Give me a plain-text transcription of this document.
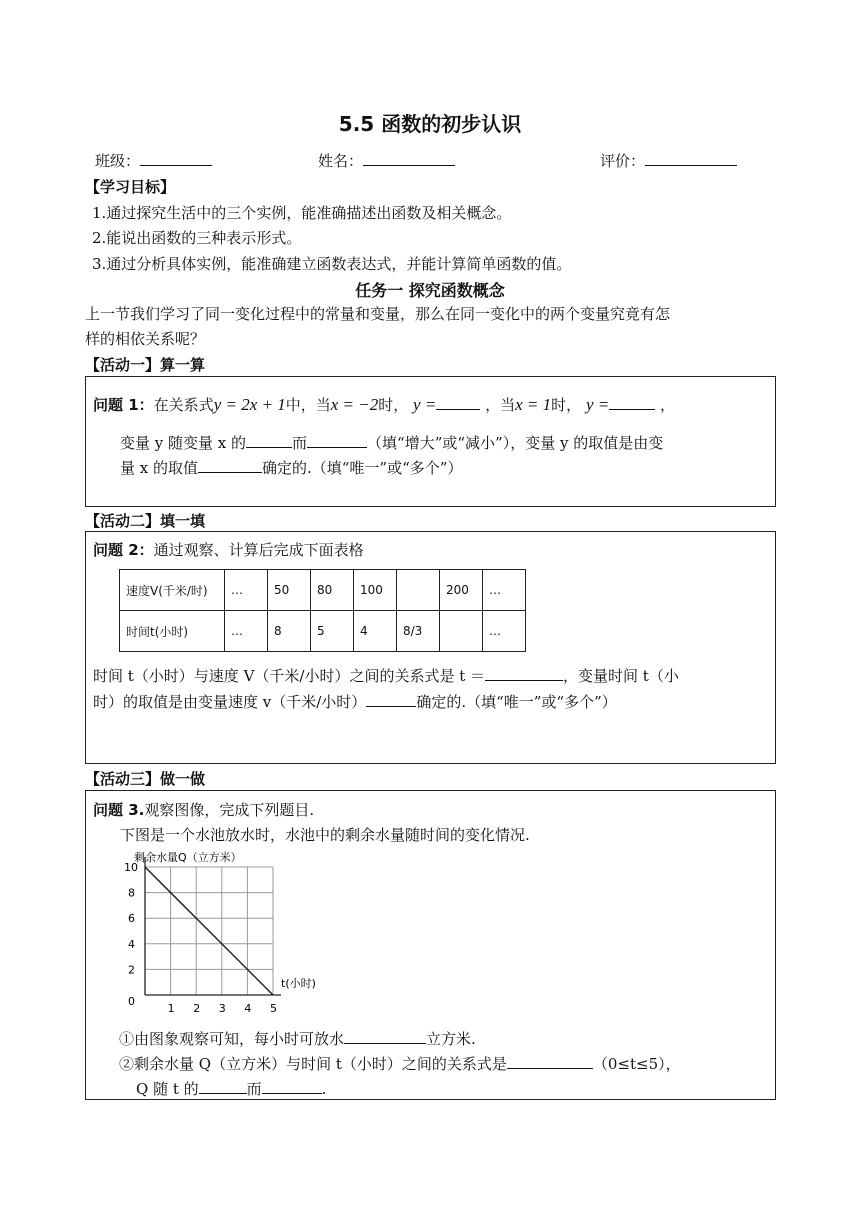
5.5 函数的初步认识
班级：	姓名：	评价：
【学习目标】
1.通过探究生活中的三个实例，能准确描述出函数及相关概念。
2.能说出函数的三种表示形式。
3.通过分析具体实例，能准确建立函数表达式，并能计算简单函数的值。
任务一 探究函数概念
上一节我们学习了同一变化过程中的常量和变量，那么在同一变化中的两个变量究竟有怎
样的相依关系呢？
【活动一】算一算
问题 1：在关系式y = 2x + 1中，当x = −2时， y =	，当x = 1时， y =	，
变量 y 随变量 x 的	而	（填“增大”或“减小”），变量 y 的取值是由变
量 x 的取值	确定的.（填“唯一”或“多个”）
【活动二】填一填
问题 2：通过观察、计算后完成下面表格
速度V(千米/时)	…	50	80	100		200	…
时间t(小时)	…	8	5	4	8/3		…
时间 t（小时）与速度 V（千米/小时）之间的关系式是 t ＝	，变量时间 t（小
时）的取值是由变量速度 v（千米/小时）	确定的.（填“唯一”或“多个”）
【活动三】做一做
问题 3.观察图像，完成下列题目.
下图是一个水池放水时，水池中的剩余水量随时间的变化情况.
剩余水量Q（立方米）
1 2 3 4 5
2
4
6
8
10
t(小时)
0
①由图象观察可知，每小时可放水	立方米.
②剩余水量 Q（立方米）与时间 t（小时）之间的关系式是	（0≤t≤5），
Q 随 t 的	而	.
